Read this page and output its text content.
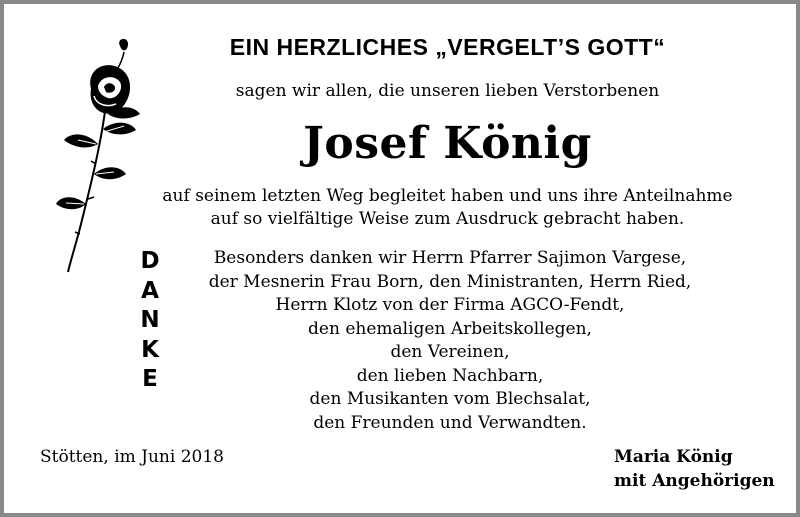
EIN HERZLICHES „VERGELT’S GOTT“
sagen wir allen, die unseren lieben Verstorbenen
Josef König
auf seinem letzten Weg begleitet haben und uns ihre Anteilnahme
auf so vielfältige Weise zum Ausdruck gebracht haben.
D
A
N
K
E
Besonders danken wir Herrn Pfarrer Sajimon Vargese,
der Mesnerin Frau Born, den Ministranten, Herrn Ried,
Herrn Klotz von der Firma AGCO-Fendt,
den ehemaligen Arbeitskollegen,
den Vereinen,
den lieben Nachbarn,
den Musikanten vom Blechsalat,
den Freunden und Verwandten.
Stötten, im Juni 2018	Maria König
mit Angehörigen
